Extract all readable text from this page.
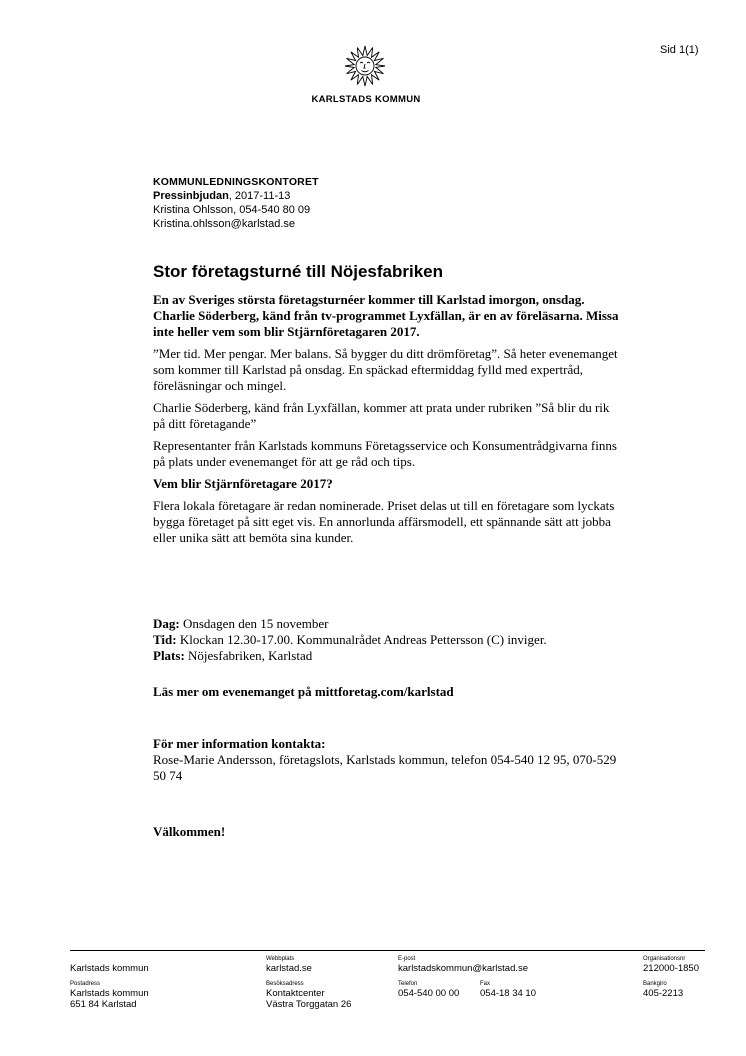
Sid 1(1)
KARLSTADS KOMMUN
KOMMUNLEDNINGSKONTORET
Pressinbjudan, 2017-11-13
Kristina Ohlsson, 054-540 80 09
Kristina.ohlsson@karlstad.se
Stor företagsturné till Nöjesfabriken

En av Sveriges största företagsturnéer kommer till Karlstad imorgon, onsdag. Charlie Söderberg, känd från tv-programmet Lyxfällan, är en av föreläsarna. Missa inte heller vem som blir Stjärnföretagaren 2017.

”Mer tid. Mer pengar. Mer balans. Så bygger du ditt drömföretag”. Så heter evenemanget som kommer till Karlstad på onsdag. En späckad eftermiddag fylld med expertråd, föreläsningar och mingel.

Charlie Söderberg, känd från Lyxfällan, kommer att prata under rubriken ”Så blir du rik på ditt företagande”

Representanter från Karlstads kommuns Företagsservice och Konsumentrådgivarna finns på plats under evenemanget för att ge råd och tips.

Vem blir Stjärnföretagare 2017?

Flera lokala företagare är redan nominerade. Priset delas ut till en företagare som lyckats bygga företaget på sitt eget vis. En annorlunda affärsmodell, ett spännande sätt att jobba eller unika sätt att bemöta sina kunder.

Dag: Onsdagen den 15 november
Tid: Klockan 12.30-17.00. Kommunalrådet Andreas Pettersson (C) inviger.
Plats: Nöjesfabriken, Karlstad

Läs mer om evenemanget på mittforetag.com/karlstad

För mer information kontakta:
Rose-Marie Andersson, företagslots, Karlstads kommun, telefon 054-540 12 95, 070-529 50 74

Välkommen!

Karlstads kommun
Webbplats
karlstad.se
E-post
karlstadskommun@karlstad.se
Organisationsnr
212000-1850
Postadress
Karlstads kommun
651 84 Karlstad
Besöksadress
Kontaktcenter
Västra Torggatan 26
Telefon
054-540 00 00
Fax
054-18 34 10
Bankgiro
405-2213
